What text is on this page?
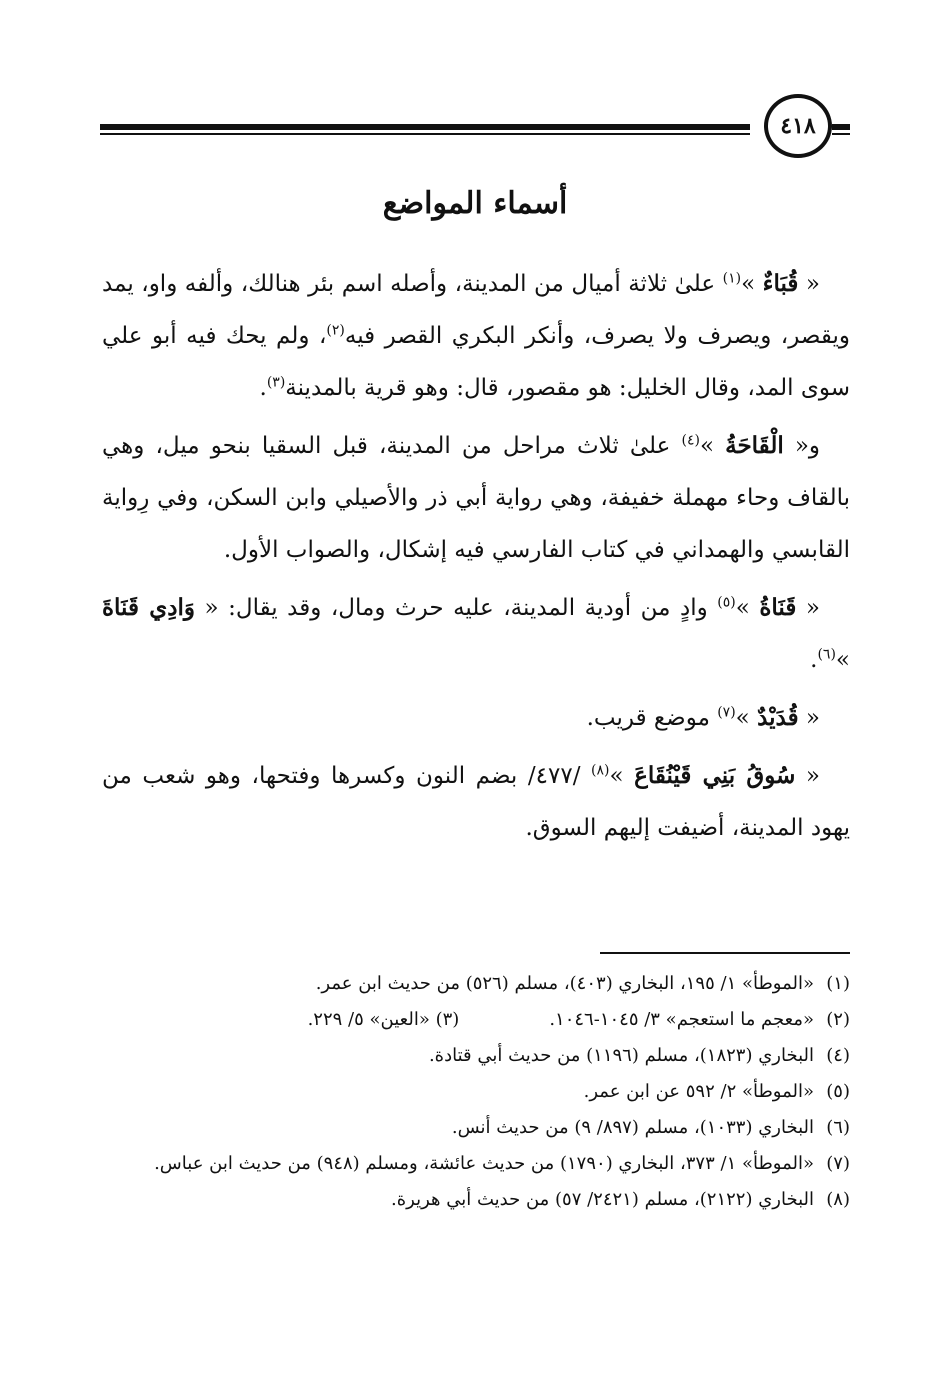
٤١٨
أسماء المواضع

« قُبَاءٌ »$^{(١)}$ علىٰ ثلاثة أميال من المدينة، وأصله اسم بئر هنالك، وألفه واو، يمد ويقصر، ويصرف ولا يصرف، وأنكر البكري القصر فيه$^{(٢)}$، ولم يحك فيه أبو علي سوى المد، وقال الخليل: هو مقصور، قال: وهو قرية بالمدينة$^{(٣)}$.

و« الْقَاحَةُ »$^{(٤)}$ علىٰ ثلاث مراحل من المدينة، قبل السقيا بنحو ميل، وهي بالقاف وحاء مهملة خفيفة، وهي رواية أبي ذر والأصيلي وابن السكن، وفي رِواية القابسي والهمداني في كتاب الفارسي فيه إشكال، والصواب الأول.

« قَنَاةُ »$^{(٥)}$ وادٍ من أودية المدينة، عليه حرث ومال، وقد يقال: « وَادِي قَنَاةَ »$^{(٦)}$.

« قُدَيْدٌ »$^{(٧)}$ موضع قريب.

« سُوقُ بَنِي قَيْنُقَاعَ »$^{(٨)}$ /٤٧٧/ بضم النون وكسرها وفتحها، وهو شعب من يهود المدينة، أضيفت إليهم السوق.

(١)
«الموطأ» ١/ ١٩٥، البخاري (٤٠٣)، مسلم (٥٢٦) من حديث ابن عمر.
(٢)
«معجم ما استعجم» ٣/ ١٠٤٥-١٠٤٦.(٣) «العين» ٥/ ٢٢٩.
(٤)
البخاري (١٨٢٣)، مسلم (١١٩٦) من حديث أبي قتادة.
(٥)
«الموطأ» ٢/ ٥٩٢ عن ابن عمر.
(٦)
البخاري (١٠٣٣)، مسلم (٨٩٧/ ٩) من حديث أنس.
(٧)
«الموطأ» ١/ ٣٧٣، البخاري (١٧٩٠) من حديث عائشة، ومسلم (٩٤٨) من حديث ابن عباس.
(٨)
البخاري (٢١٢٢)، مسلم (٢٤٢١/ ٥٧) من حديث أبي هريرة.
